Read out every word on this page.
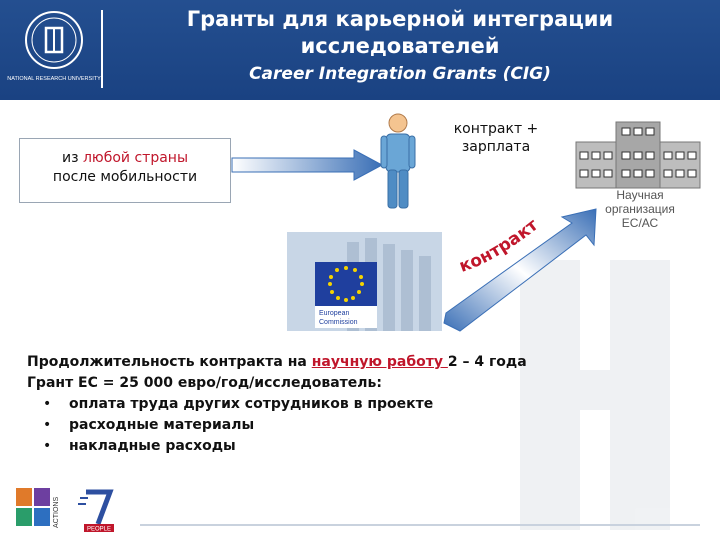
NATIONAL RESEARCH UNIVERSITY
Гранты для карьерной интеграции
исследователей
Career Integration Grants (CIG)
из любой страны
после мобильности
контракт +
зарплата
Научная
организация
ЕС/АС
контракт
European
Commission
Продолжительность контракта на научную работу 2 – 4 года
Грант ЕС = 25 000 евро/год/исследователь:
• оплата труда других сотрудников в проекте
• расходные материалы
• накладные расходы
ACTIONS
PEOPLE
